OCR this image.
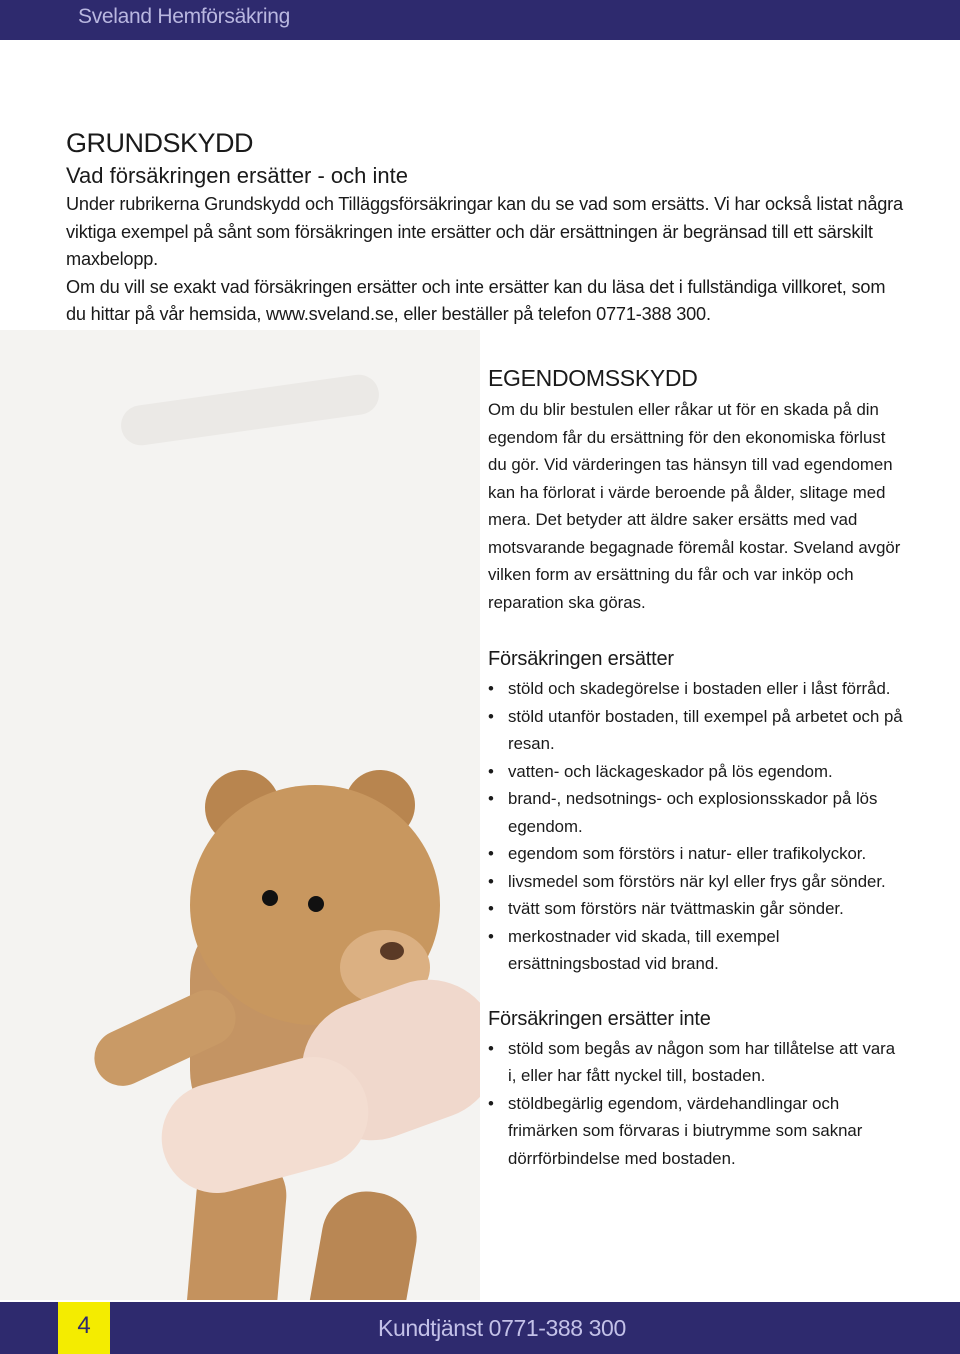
Sveland Hemförsäkring
GRUNDSKYDD
Vad försäkringen ersätter - och inte

Under rubrikerna Grundskydd och Tilläggsförsäkringar kan du se vad som ersätts. Vi har också listat några viktiga exempel på sånt som försäkringen inte ersätter och där ersättningen är begränsad till ett särskilt maxbelopp.

Om du vill se exakt vad försäkringen ersätter och inte ersätter kan du läsa det i fullständiga villkoret, som du hittar på vår hemsida, www.sveland.se, eller beställer på telefon 0771-388 300.

EGENDOMSSKYDD

Om du blir bestulen eller råkar ut för en skada på din egendom får du ersättning för den ekonomiska förlust du gör. Vid värderingen tas hänsyn till vad egendomen kan ha förlorat i värde beroende på ålder, slitage med mera. Det betyder att äldre saker ersätts med vad motsvarande begagnade föremål kostar. Sveland avgör vilken form av ersättning du får och var inköp och reparation ska göras.

Försäkringen ersätter
• stöld och skadegörelse i bostaden eller i låst förråd.
• stöld utanför bostaden, till exempel på arbetet och på resan.
• vatten- och läckageskador på lös egendom.
• brand-, nedsotnings- och explosionsskador på lös egendom.
• egendom som förstörs i natur- eller trafikolyckor.
• livsmedel som förstörs när kyl eller frys går sönder.
• tvätt som förstörs när tvättmaskin går sönder.
• merkostnader vid skada, till exempel ersättningsbostad vid brand.
Försäkringen ersätter inte
• stöld som begås av någon som har tillåtelse att vara i, eller har fått nyckel till, bostaden.
• stöldbegärlig egendom, värdehandlingar och frimärken som förvaras i biutrymme som saknar dörrförbindelse med bostaden.
4	Kundtjänst 0771-388 300
